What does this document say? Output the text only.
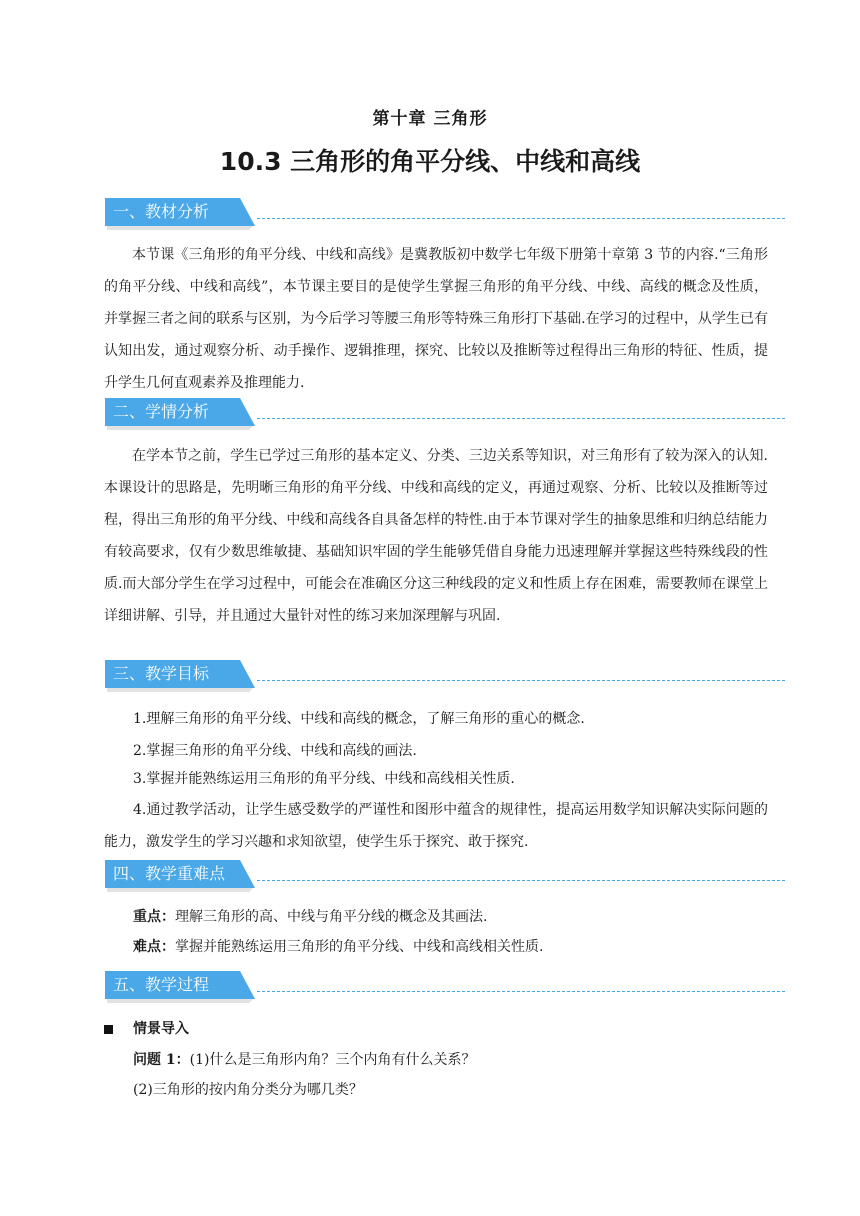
第十章 三角形
10.3 三角形的角平分线、中线和高线
一、教材分析
本节课《三角形的角平分线、中线和高线》是冀教版初中数学七年级下册第十章第 3 节的内容.“三角形的角平分线、中线和高线”，本节课主要目的是使学生掌握三角形的角平分线、中线、高线的概念及性质，并掌握三者之间的联系与区别，为今后学习等腰三角形等特殊三角形打下基础.在学习的过程中，从学生已有认知出发，通过观察分析、动手操作、逻辑推理，探究、比较以及推断等过程得出三角形的特征、性质，提升学生几何直观素养及推理能力.
二、学情分析
在学本节之前，学生已学过三角形的基本定义、分类、三边关系等知识，对三角形有了较为深入的认知.本课设计的思路是，先明晰三角形的角平分线、中线和高线的定义，再通过观察、分析、比较以及推断等过程，得出三角形的角平分线、中线和高线各自具备怎样的特性.由于本节课对学生的抽象思维和归纳总结能力有较高要求，仅有少数思维敏捷、基础知识牢固的学生能够凭借自身能力迅速理解并掌握这些特殊线段的性质.而大部分学生在学习过程中，可能会在准确区分这三种线段的定义和性质上存在困难，需要教师在课堂上详细讲解、引导，并且通过大量针对性的练习来加深理解与巩固.
三、教学目标
1.理解三角形的角平分线、中线和高线的概念，了解三角形的重心的概念.
2.掌握三角形的角平分线、中线和高线的画法.
3.掌握并能熟练运用三角形的角平分线、中线和高线相关性质.
4.通过教学活动，让学生感受数学的严谨性和图形中蕴含的规律性，提高运用数学知识解决实际问题的能力，激发学生的学习兴趣和求知欲望，使学生乐于探究、敢于探究.
四、教学重难点
重点：理解三角形的高、中线与角平分线的概念及其画法.
难点：掌握并能熟练运用三角形的角平分线、中线和高线相关性质.
五、教学过程
情景导入
问题 1：(1)什么是三角形内角？三个内角有什么关系？
(2)三角形的按内角分类分为哪几类？
